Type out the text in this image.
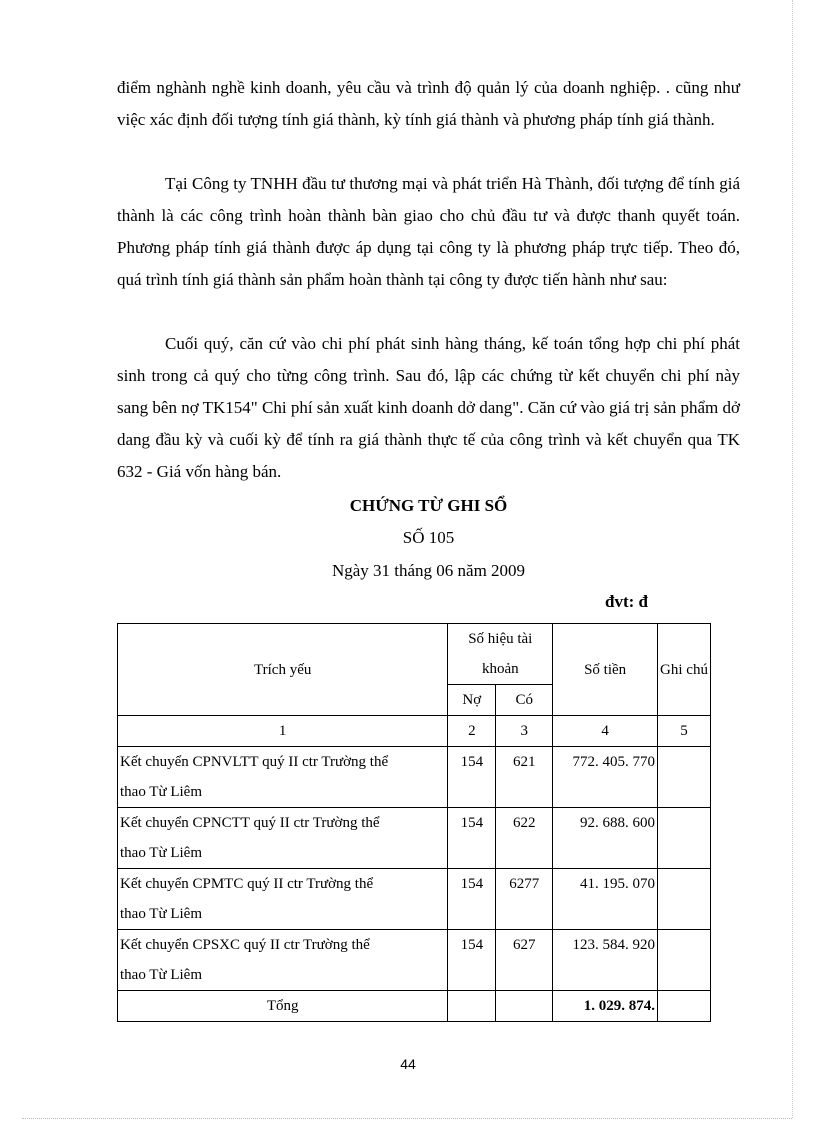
điểm nghành nghề kinh doanh, yêu cầu và trình độ quản lý của doanh nghiệp. . cũng như việc xác định đối tượng tính giá thành, kỳ tính giá thành và phương pháp tính giá thành.

Tại Công ty TNHH đầu tư thương mại và phát triển Hà Thành, đối tượng để tính giá thành là các công trình hoàn thành bàn giao cho chủ đầu tư và được thanh quyết toán. Phương pháp tính giá thành được áp dụng tại công ty là phương pháp trực tiếp. Theo đó, quá trình tính giá thành sản phẩm hoàn thành tại công ty được tiến hành như sau:

Cuối quý, căn cứ vào chi phí phát sinh hàng tháng, kế toán tổng hợp chi phí phát sinh trong cả quý cho từng công trình. Sau đó, lập các chứng từ kết chuyển chi phí này sang bên nợ TK154" Chi phí sản xuất kinh doanh dở dang". Căn cứ vào giá trị sản phẩm dở dang đầu kỳ và cuối kỳ để tính ra giá thành thực tế của công trình và kết chuyển qua TK 632 - Giá vốn hàng bán.

CHỨNG TỪ GHI SỔ

SỐ 105

Ngày 31 tháng 06 năm 2009

đvt: đ

Trích yếu	Số hiệu tài khoản		Số tiền	Ghi chú
	Nợ	Có		
1	2	3	4	5

Kết chuyển CPNVLTT quý II ctr Trường thể
thao Từ Liêm	154	621	772. 405. 770	

Kết chuyển CPNCTT quý II ctr Trường thể
thao Từ Liêm	154	622	92. 688. 600	

Kết chuyển CPMTC quý II ctr Trường thể
thao Từ Liêm	154	6277	41. 195. 070	

Kết chuyển CPSXC quý II ctr Trường thể
thao Từ Liêm	154	627	123. 584. 920	
Tổng			1. 029. 874.	

44
